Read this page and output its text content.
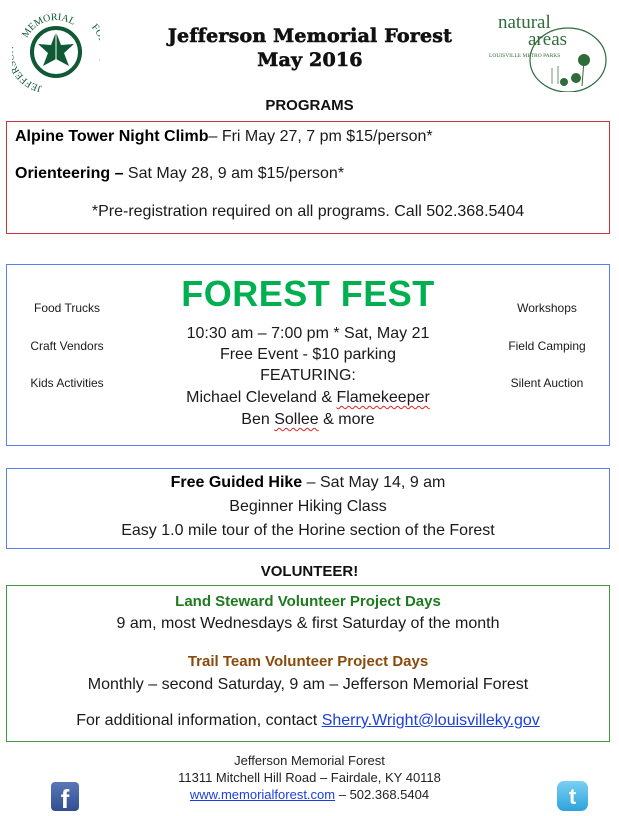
MEMORIAL F
JEFFE
Jefferson Memorial Forest
May 2016
natural
areas
LOUISVILLE METRO PARKS
PROGRAMS
Alpine Tower Night Climb– Fri May 27, 7 pm $15/person*
Orienteering – Sat May 28, 9 am $15/person*
*Pre-registration required on all programs. Call 502.368.5404
FOREST FEST
Food Trucks
Craft Vendors
Kids Activities
Workshops
Field Camping
Silent Auction
10:30 am – 7:00 pm * Sat, May 21
Free Event - $10 parking
FEATURING:
Michael Cleveland & Flamekeeper
Ben Sollee & more
Free Guided Hike – Sat May 14, 9 am
Beginner Hiking Class
Easy 1.0 mile tour of the Horine section of the Forest
VOLUNTEER!
Land Steward Volunteer Project Days
9 am, most Wednesdays & first Saturday of the month
Trail Team Volunteer Project Days
Monthly – second Saturday, 9 am – Jefferson Memorial Forest
For additional information, contact Sherry.Wright@louisvilleky.gov
Jefferson Memorial Forest
11311 Mitchell Hill Road – Fairdale, KY 40118
www.memorialforest.com – 502.368.5404
f	t
